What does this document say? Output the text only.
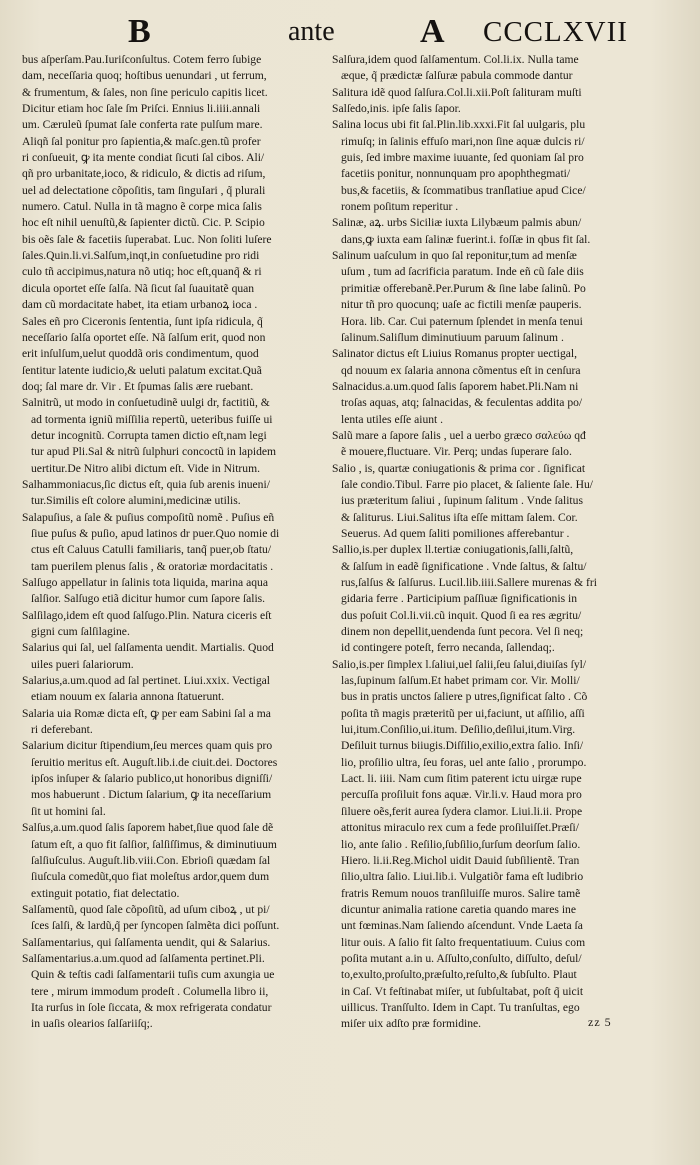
B	ante	A CCCLXVII

bus aſperſam.Pau.Iuriſconſultus. Cotem ferro ſubige

dam, neceſſaria quoq; hoſtibus uenundari , ut ferrum,

& frumentum, & ſales, non ſine periculo capitis licet.

Dicitur etiam hoc ſale ſm Priſci. Ennius li.iiii.annali

um. Cæruleũ ſpumat ſale conferta rate pulſum mare.

Aliqñ ſal ponitur pro ſapientia,& maſc.gen.tũ profer

ri conſueuit, ꝙ ita mente condiat ſicuti ſal cibos. Ali/

qñ pro urbanitate,ioco, & ridiculo, & dictis ad riſum,

uel ad delectatione cõpoſitis, tam ſinguIari , q̃ plurali

numero. Catul. Nulla in tã magno ẽ corpe mica ſalis

hoc eſt nihil uenuſtũ,& ſapienter dictũ. Cic. P. Scipio

bis oẽs ſale & facetiis ſuperabat. Luc. Non ſoliti luſere

ſales.Quin.li.vi.Salſum,inqt,in conſuetudine pro ridi

culo tñ accipimus,natura nõ utiq; hoc eſt,quanq̃ & ri

dicula oportet eſſe ſalſa. Nã ſicut ſal ſuauitatẽ quan

dam cũ mordacitate habet, ita etiam urbanoꝝ ioca .

Sales eñ pro Ciceronis ſententia, ſunt ipſa ridicula, q̃

neceſſario ſalſa oportet eſſe. Nã ſalſum erit, quod non

erit inſulſum,uelut quoddã oris condimentum, quod

ſentitur latente iudicio,& ueluti palatum excitat.Quã

doq; ſal mare dr. Vir . Et ſpumas ſalis ære ruebant.

Salnitrũ, ut modo in conſuetudinẽ uulgi dr, factitiũ, &

ad tormenta igniũ miſſilia repertũ, ueteribus fuiſſe ui

detur incognitũ. Corrupta tamen dictio eſt,nam legi

tur apud Pli.Sal & nitrũ ſulphuri concoctũ in lapidem

uertitur.De Nitro alibi dictum eſt. Vide in Nitrum.

Salhammoniacus,ſic dictus eſt, quia ſub arenis inueni/

tur.Similis eſt colore alumini,medicinæ utilis.

Salapuſius, a ſale & puſius compoſitũ nomẽ . Puſius eñ

ſiue puſus & puſio, apud latinos dr puer.Quo nomie di

ctus eſt Caluus Catulli familiaris, tanq̃ puer,ob ſtatu/

tam puerilem plenus ſalis , & oratoriæ mordacitatis .

Salſugo appellatur in ſalinis tota liquida, marina aqua

ſalſior. Salſugo etiã dicitur humor cum ſapore ſalis.

Salſilago,idem eſt quod ſalſugo.Plin. Natura ciceris eſt

gigni cum ſalſilagine.

Salarius qui ſal, uel ſalſamenta uendit. Martialis. Quod

uiles pueri ſalariorum.

Salarius,a.um.quod ad ſal pertinet. Liui.xxix. Vectigal

etiam nouum ex ſalaria annona ſtatuerunt.

Salaria uia Romæ dicta eſt, ꝙ per eam Sabini ſal a ma

ri deferebant.

Salarium dicitur ſtipendium,ſeu merces quam quis pro

ſeruitio meritus eſt. Auguſt.lib.i.de ciuit.dei. Doctores

ipſos inſuper & ſalario publico,ut honoribus digniſſi/

mos habuerunt . Dictum ſalarium, ꝙ ita neceſſarium

ſit ut homini ſal.

Salſus,a.um.quod ſalis ſaporem habet,ſiue quod ſale dẽ

ſatum eſt, a quo fit ſalſior, ſalſiſſimus, & diminutiuum

ſalſiuſculus. Auguſt.lib.viii.Con. Ebrioſi quædam ſal

ſiuſcula comedũt,quo fiat moleſtus ardor,quem dum

extinguit potatio, fiat delectatio.

Salſamentũ, quod ſale cõpoſitũ, ad uſum ciboꝝ , ut pi/

ſces ſalſi, & lardũ,q̃ per ſyncopen ſalmẽta dici poſſunt.

Salſamentarius, qui ſalſamenta uendit, qui & Salarius.

Salſamentarius.a.um.quod ad ſalſamenta pertinet.Pli.

Quin & teſtis cadi ſalſamentarii tuſis cum axungia ue

tere , mirum immodum prodeſt . Columella libro ii,

Ita rurſus in ſole ſiccata, & mox refrigerata condatur

in uaſis olearios ſalſariiſq;.

Salſura,idem quod ſalſamentum. Col.li.ix. Nulla tame

æque, q̃ prædictæ ſalſuræ pabula commode dantur

Salitura idẽ quod ſalſura.Col.li.xii.Poſt ſalituram muſti

Salſedo,inis. ipſe ſalis ſapor.

Salina locus ubi fit ſal.Plin.lib.xxxi.Fit ſal uulgaris, plu

rimuſq; in ſalinis effuſo mari,non ſine aquæ dulcis ri/

guis, ſed imbre maxime iuuante, ſed quoniam ſal pro

facetiis ponitur, nonnunquam pro apophthegmati/

bus,& facetiis, & ſcommatibus tranſlatiue apud Cice/

ronem poſitum reperitur .

Salinæ, aꝝ. urbs Siciliæ iuxta Lilybæum palmis abun/

dans,ꝙ iuxta eam ſalinæ fuerint.i. foſſæ in qbus fit ſal.

Salinum uaſculum in quo ſal reponitur,tum ad menſæ

uſum , tum ad ſacrificia paratum. Inde eñ cũ ſale diis

primitiæ offerebanẽ.Per.Purum & ſine labe ſalinũ. Po

nitur tñ pro quocunq; uaſe ac fictili menſæ pauperis.

Hora. lib. Car. Cui paternum ſplendet in menſa tenui

ſalinum.Saliſlum diminutiuum paruum ſalinum .

Salinator dictus eſt Liuius Romanus propter uectigal,

qd nouum ex ſalaria annona cõmentus eſt in cenſura

Salnacidus.a.um.quod ſalis ſaporem habet.Pli.Nam ni

troſas aquas, atq; ſalnacidas, & feculentas addita po/

lenta utiles eſſe aiunt .

Salũ mare a ſapore ſalis , uel a uerbo græco σαλεύω qđ

ẽ mouere,fluctuare. Vir. Perq; undas ſuperare ſalo.

Salio , is, quartæ coniugationis & prima cor . ſignificat

ſale condio.Tibul. Farre pio placet, & ſaliente ſale. Hu/

ius præteritum ſaliui , ſupinum ſalitum . Vnde ſalitus

& ſaliturus. Liui.Salitus iſta eſſe mittam ſalem. Cor.

Seuerus. Ad quem ſaliti pomiliones afferebantur .

Sallio,is.per duplex ll.tertiæ coniugationis,ſalli,ſaltũ,

& ſalſum in eadẽ ſignificatione . Vnde ſaltus, & ſaltu/

rus,ſalſus & ſalſurus. Lucil.lib.iiii.Sallere murenas & fri

gidaria ferre . Participium paſſiuæ ſignificationis in

dus poſuit Col.li.vii.cũ inquit. Quod ſi ea res ægritu/

dinem non depellit,uendenda ſunt pecora. Vel ſi neq;

id contingere poteſt, ferro necanda, ſallendaq;.

Salio,is.per ſimplex l.ſaliui,uel ſalii,ſeu ſalui,diuiſas ſyl/

las,ſupinum ſalſum.Et habet primam cor. Vir. Molli/

bus in pratis unctos ſaliere p utres,ſignificat ſalto . Cõ

poſita tñ magis præteritũ per ui,faciunt, ut aſſilio, aſſi

lui,itum.Conſilio,ui.itum. Deſilio,deſilui,itum.Virg.

Deſiluit turnus biiugis.Diſſilio,exilio,extra ſalio. Inſi/

lio, proſilio ultra, ſeu foras, uel ante ſalio , prorumpo.

Lact. li. iiii. Nam cum ſitim paterent ictu uirgæ rupe

percuſſa proſiluit fons aquæ. Vir.li.v. Haud mora pro

ſiluere oẽs,ferit aurea ſydera clamor. Liui.li.ii. Prope

attonitus miraculo rex cum a fede proſiluiſſet.Præſi/

lio, ante ſalio . Reſilio,ſubſilio,ſurſum deorſum ſalio.

Hiero. li.ii.Reg.Michol uidit Dauid ſubſilientẽ. Tran

ſilio,ultra ſalio. Liui.lib.i. Vulgatiõr fama eſt ludibrio

fratris Remum nouos tranſiluiſſe muros. Salire tamẽ

dicuntur animalia ratione caretia quando mares ine

unt fœminas.Nam ſaliendo aſcendunt. Vnde Laeta ſa

litur ouis. A ſalio fit ſalto frequentatiuum. Cuius com

poſita mutant a.in u. Aſſulto,conſulto, diſſulto, deſul/

to,exulto,proſulto,præſulto,reſulto,& ſubſulto. Plaut

in Caſ. Vt feſtinabat miſer, ut ſubſultabat, poſt q̃ uicit

uillicus. Tranſſulto. Idem in Capt. Tu tranſultas, ego

miſer uix adſto præ formidine.	zz 5
